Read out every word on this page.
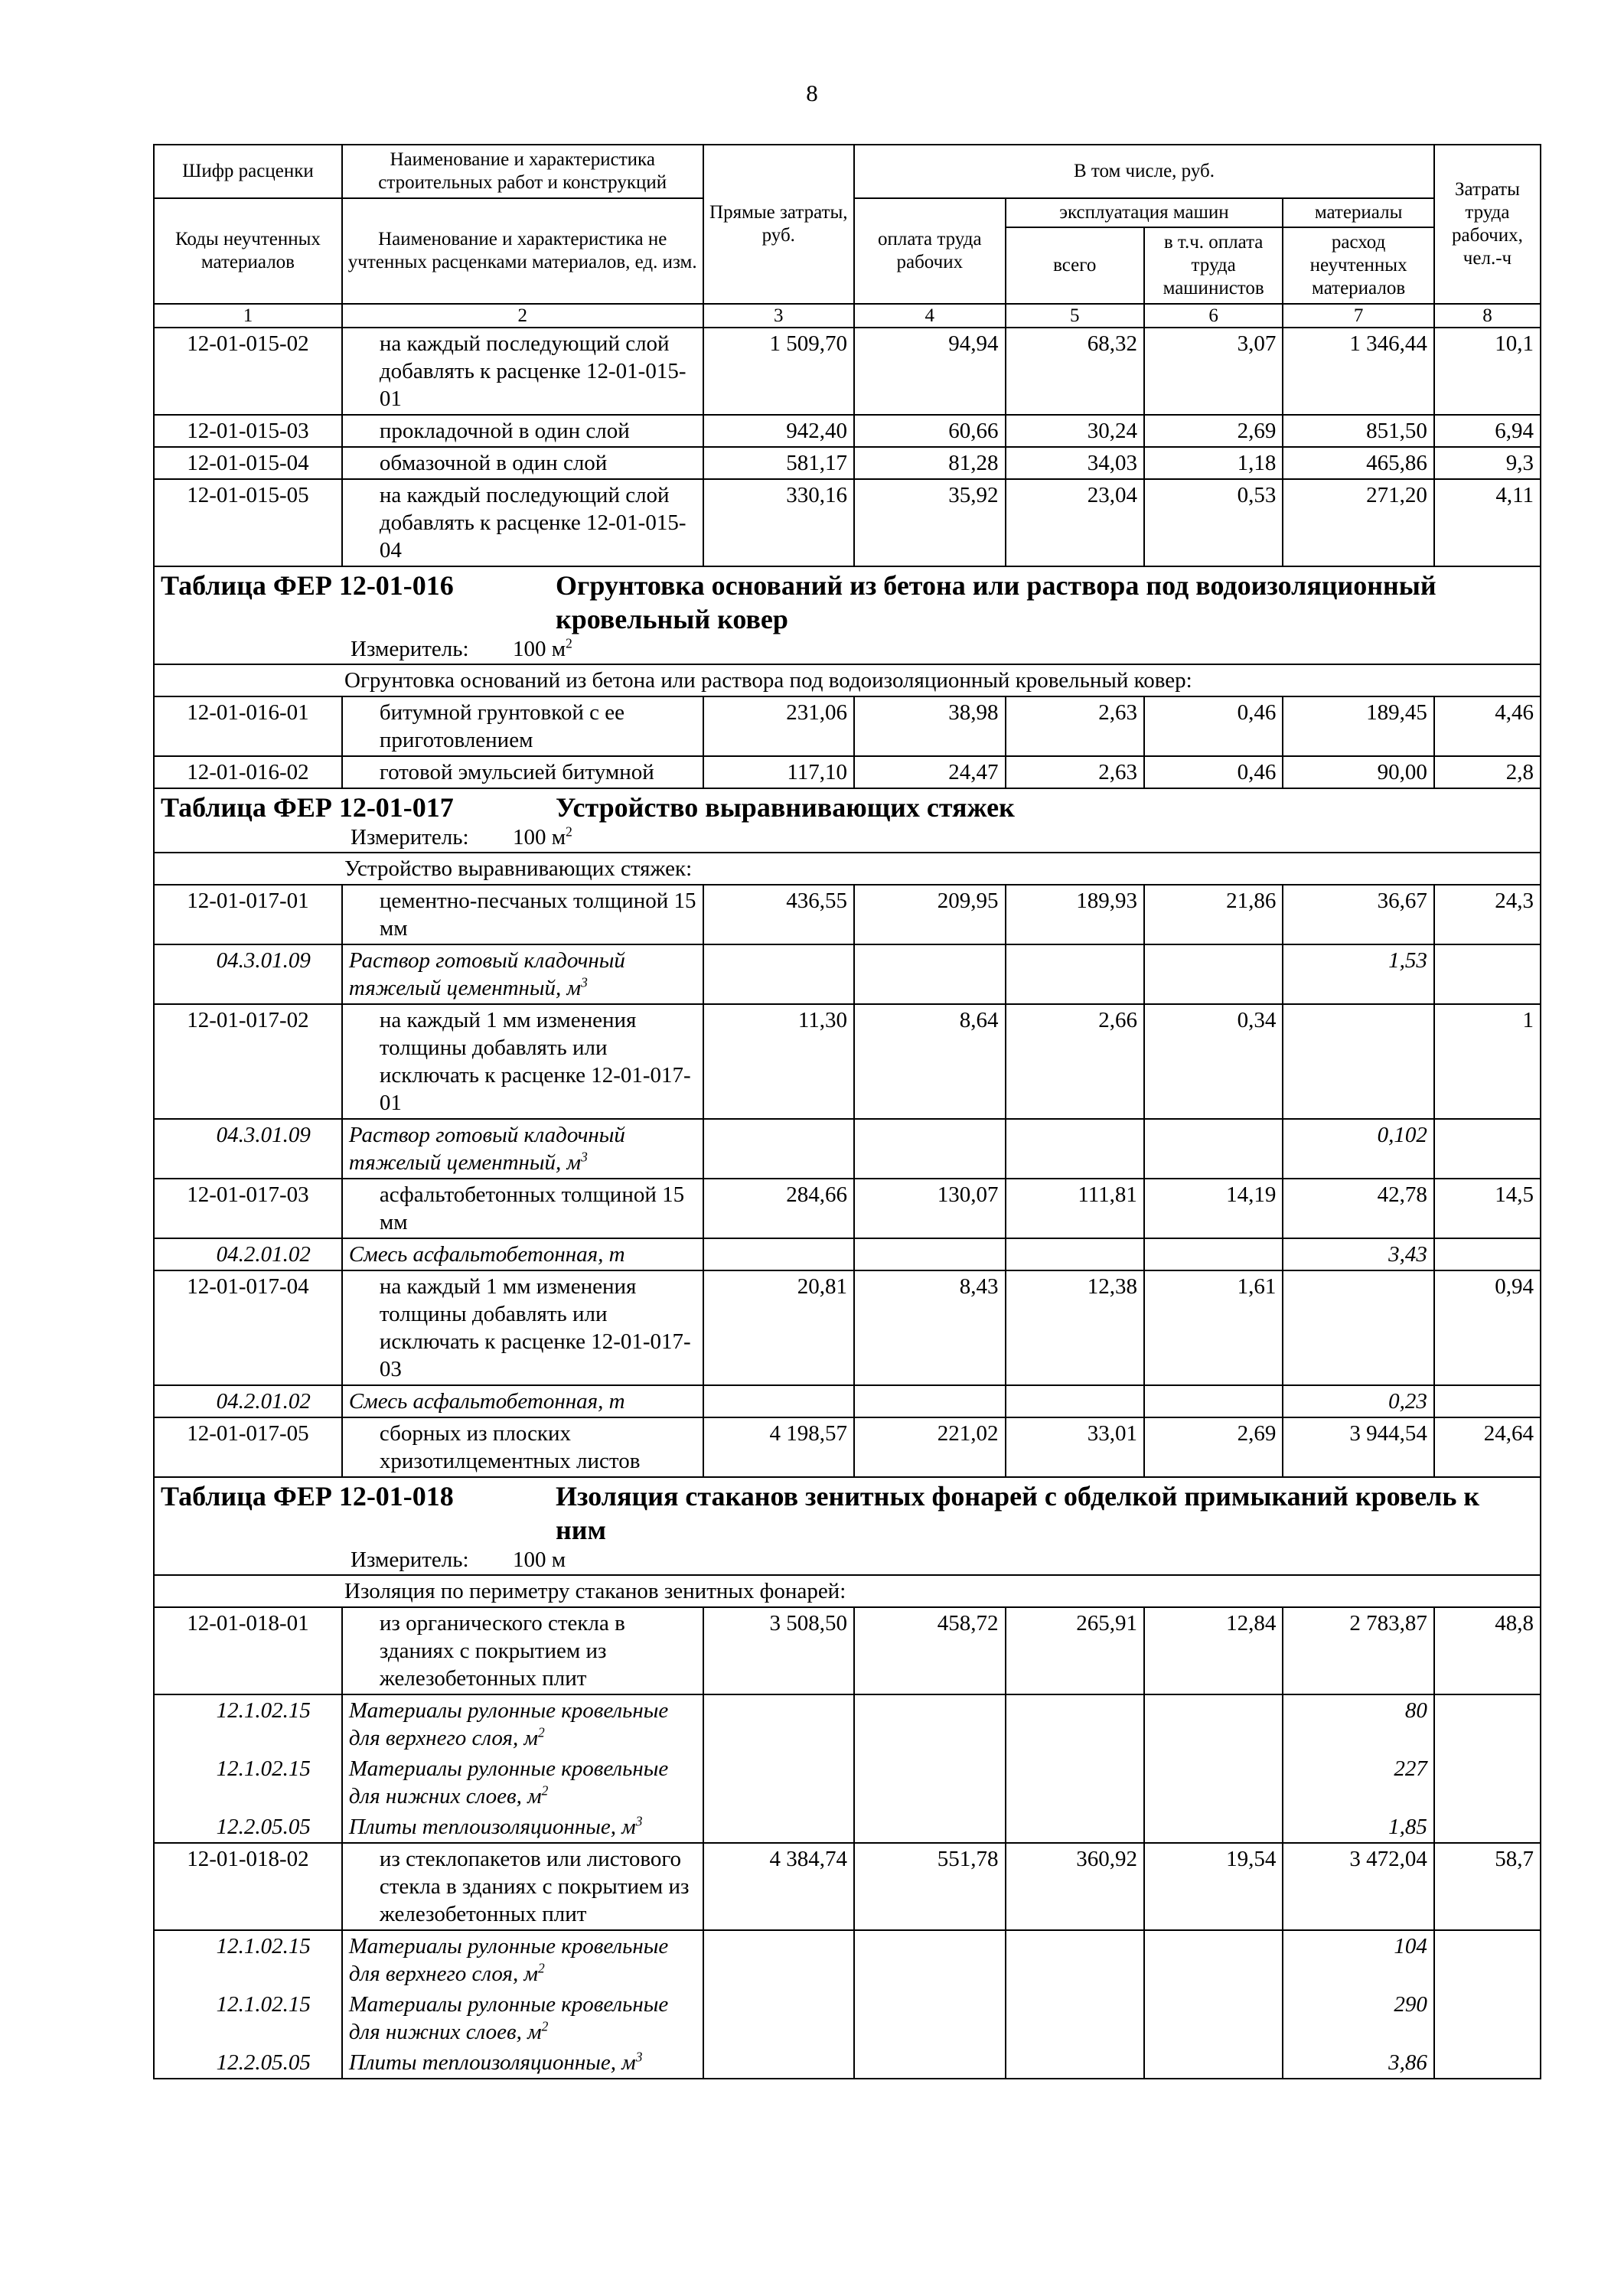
8
Шифр расценки	Наименование и характеристика строительных работ и конструкций	Прямые затраты, руб.	В том числе, руб.				Затраты труда рабочих, чел.-ч
Коды неучтенных материалов	Наименование и характеристика не учтенных расценками материалов, ед. изм.		оплата труда рабочих	эксплуатация машин		материалы	
				всего	в т.ч. оплата труда машинистов	расход неучтенных материалов	
1	2	3	4	5	6	7	8
12-01-015-02	на каждый последующий слой добавлять к расценке 12-01-015-01	1 509,70	94,94	68,32	3,07	1 346,44	10,1
12-01-015-03	прокладочной в один слой	942,40	60,66	30,24	2,69	851,50	6,94
12-01-015-04	обмазочной в один слой	581,17	81,28	34,03	1,18	465,86	9,3
12-01-015-05	на каждый последующий слой добавлять к расценке 12-01-015-04	330,16	35,92	23,04	0,53	271,20	4,11

Таблица ФЕР 12-01-016 Огрунтовка оснований из бетона или раствора под водоизоляционный кровельный ковер
Измеритель: 100 $м^2$

Огрунтовка оснований из бетона или раствора под водоизоляционный кровельный ковер:							
12-01-016-01	битумной грунтовкой с ее приготовлением	231,06	38,98	2,63	0,46	189,45	4,46
12-01-016-02	готовой эмульсией битумной	117,10	24,47	2,63	0,46	90,00	2,8

Таблица ФЕР 12-01-017 Устройство выравнивающих стяжек
Измеритель: 100 $м^2$

Устройство выравнивающих стяжек:							
12-01-017-01	цементно-песчаных толщиной 15 мм	436,55	209,95	189,93	21,86	36,67	24,3
04.3.01.09	Раствор готовый кладочный тяжелый цементный, $м^3$					1,53	
12-01-017-02	на каждый 1 мм изменения толщины добавлять или исключать к расценке 12-01-017-01	11,30	8,64	2,66	0,34		1
04.3.01.09	Раствор готовый кладочный тяжелый цементный, $м^3$					0,102	
12-01-017-03	асфальтобетонных толщиной 15 мм	284,66	130,07	111,81	14,19	42,78	14,5
04.2.01.02	Смесь асфальтобетонная, т					3,43	
12-01-017-04	на каждый 1 мм изменения толщины добавлять или исключать к расценке 12-01-017-03	20,81	8,43	12,38	1,61		0,94
04.2.01.02	Смесь асфальтобетонная, т					0,23	
12-01-017-05	сборных из плоских хризотилцементных листов	4 198,57	221,02	33,01	2,69	3 944,54	24,64

Таблица ФЕР 12-01-018 Изоляция стаканов зенитных фонарей с обделкой примыканий кровель к ним
Измеритель: 100 м							

Изоляция по периметру стаканов зенитных фонарей:							
12-01-018-01	из органического стекла в зданиях с покрытием из железобетонных плит	3 508,50	458,72	265,91	12,84	2 783,87	48,8
12.1.02.15	Материалы рулонные кровельные для верхнего слоя, $м^2$					80	
12.1.02.15	Материалы рулонные кровельные для нижних слоев, $м^2$					227	
12.2.05.05	Плиты теплоизоляционные, $м^3$					1,85	
12-01-018-02	из стеклопакетов или листового стекла в зданиях с покрытием из железобетонных плит	4 384,74	551,78	360,92	19,54	3 472,04	58,7
12.1.02.15	Материалы рулонные кровельные для верхнего слоя, $м^2$					104	
12.1.02.15	Материалы рулонные кровельные для нижних слоев, $м^2$					290	
12.2.05.05	Плиты теплоизоляционные, $м^3$					3,86	
